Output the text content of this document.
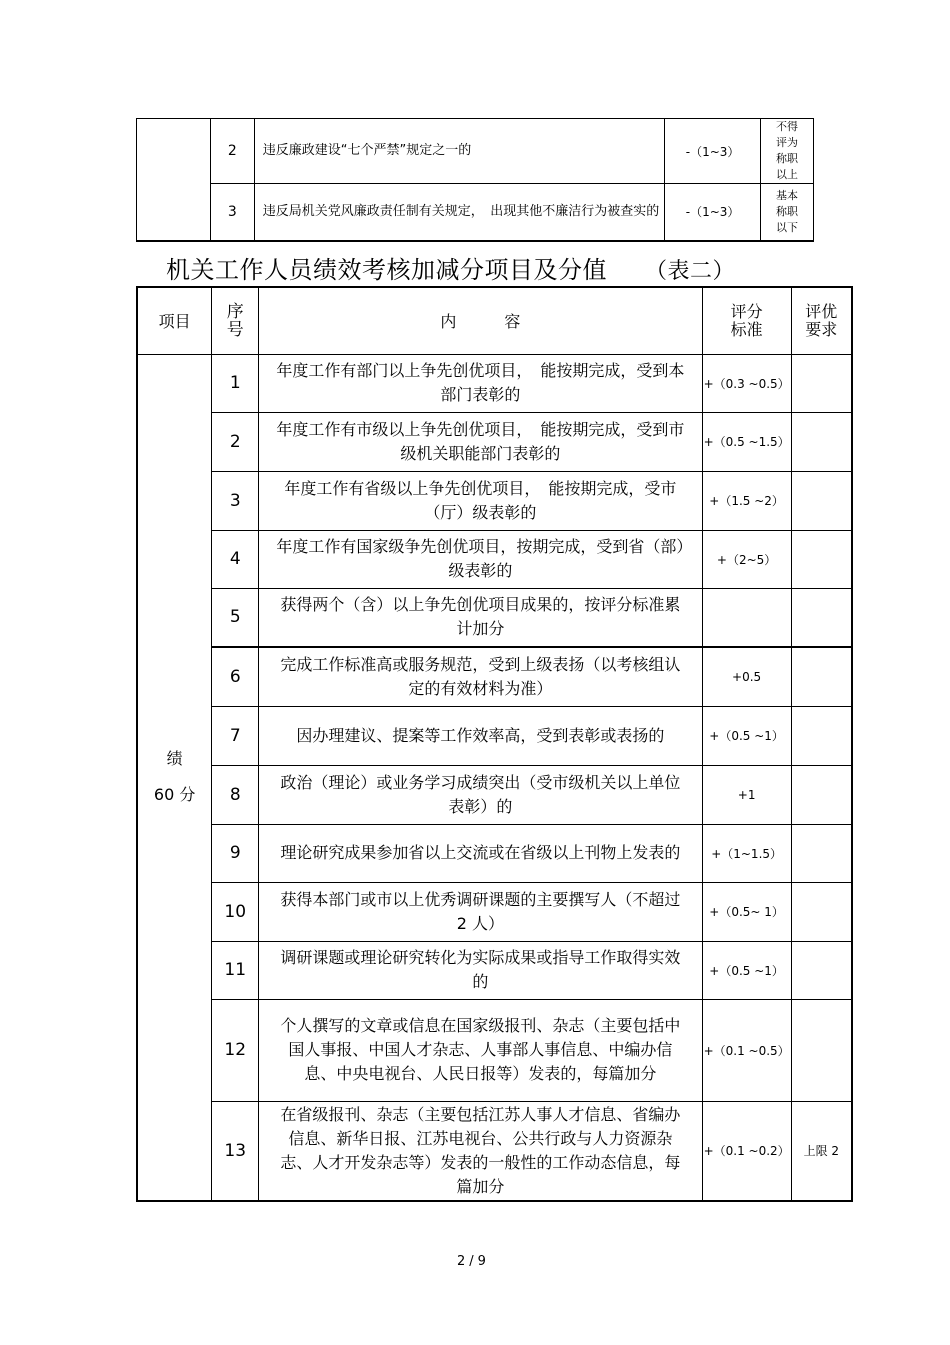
	2	违反廉政建设“七个严禁”规定之一的	-（1~3）	不得评为称职以上
	3	违反局机关党风廉政责任制有关规定，　出现其他不廉洁行为被查实的	-（1~3）	基本称职以下
机关工作人员绩效考核加减分项目及分值 （表二）
项目	序号	内　　　容	评分标准	评优要求

绩
60 分	1	年度工作有部门以上争先创优项目，　能按期完成，受到本部门表彰的	+（0.3 ~0.5）	
	2	年度工作有市级以上争先创优项目，　能按期完成，受到市级机关职能部门表彰的	+（0.5 ~1.5）	
	3	年度工作有省级以上争先创优项目，　能按期完成，受市（厅）级表彰的	+（1.5 ~2）	
	4	年度工作有国家级争先创优项目，按期完成，受到省（部）级表彰的	+（2~5）	
	5	获得两个（含）以上争先创优项目成果的，按评分标准累计加分		
	6	完成工作标准高或服务规范，受到上级表扬（以考核组认定的有效材料为准）	+0.5	
	7	因办理建议、提案等工作效率高，受到表彰或表扬的	+（0.5 ~1）	
	8	政治（理论）或业务学习成绩突出（受市级机关以上单位表彰）的	+1	
	9	理论研究成果参加省以上交流或在省级以上刊物上发表的	+（1~1.5）	
	10	获得本部门或市以上优秀调研课题的主要撰写人（不超过 2 人）	+（0.5~ 1）	
	11	调研课题或理论研究转化为实际成果或指导工作取得实效的	+（0.5 ~1）	
	12	个人撰写的文章或信息在国家级报刊、杂志（主要包括中国人事报、中国人才杂志、人事部人事信息、中编办信息、中央电视台、人民日报等）发表的，每篇加分	+（0.1 ~0.5）	
	13	在省级报刊、杂志（主要包括江苏人事人才信息、省编办信息、新华日报、江苏电视台、公共行政与人力资源杂志、人才开发杂志等）发表的一般性的工作动态信息，每篇加分	+（0.1 ~0.2）	上限 2
2 / 9
